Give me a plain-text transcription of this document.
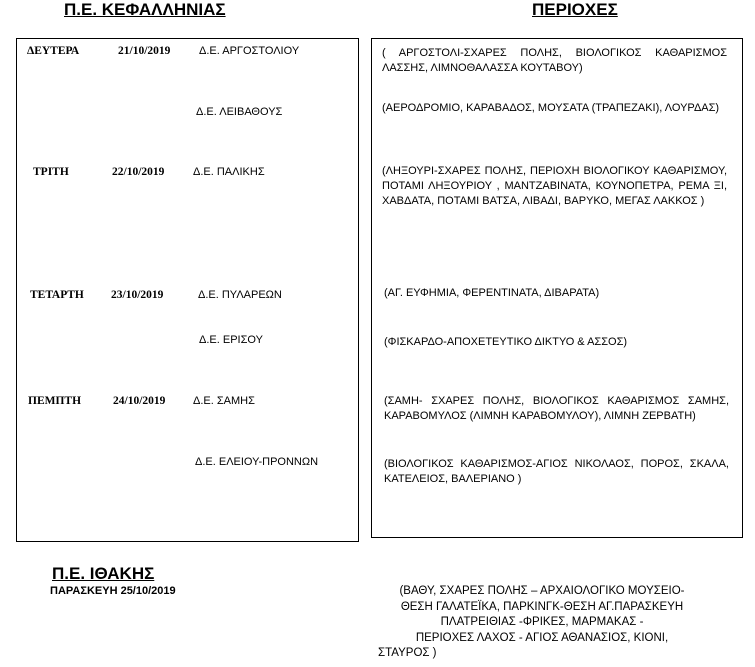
Π.Ε. ΚΕΦΑΛΛΗΝΙΑΣ	ΠΕΡΙΟΧΕΣ
ΔΕΥΤΕΡΑ	21/10/2019	Δ.Ε. ΑΡΓΟΣΤΟΛΙΟΥ	( ΑΡΓΟΣΤΟΛΙ-ΣΧΑΡΕΣ ΠΟΛΗΣ, ΒΙΟΛΟΓΙΚΟΣ ΚΑΘΑΡΙΣΜΟΣ ΛΑΣΣΗΣ, ΛΙΜΝΟΘΑΛΑΣΣΑ ΚΟΥΤΑΒΟΥ)
Δ.Ε. ΛΕΙΒΑΘΟΥΣ	(ΑΕΡΟΔΡΟΜΙΟ, ΚΑΡΑΒΑΔΟΣ, ΜΟΥΣΑΤΑ (ΤΡΑΠΕΖΑΚΙ), ΛΟΥΡΔΑΣ)
ΤΡΙΤΗ	22/10/2019	Δ.Ε. ΠΑΛΙΚΗΣ	(ΛΗΞΟΥΡΙ-ΣΧΑΡΕΣ ΠΟΛΗΣ, ΠΕΡΙΟΧΗ ΒΙΟΛΟΓΙΚΟΥ ΚΑΘΑΡΙΣΜΟΥ, ΠΟΤΑΜΙ ΛΗΞΟΥΡΙΟΥ , ΜΑΝΤΖΑΒΙΝΑΤΑ, ΚΟΥΝΟΠΕΤΡΑ, ΡΕΜΑ ΞΙ, ΧΑΒΔΑΤΑ, ΠΟΤΑΜΙ ΒΑΤΣΑ, ΛΙΒΑΔΙ, ΒΑΡΥΚΟ, ΜΕΓΑΣ ΛΑΚΚΟΣ )
ΤΕΤΑΡΤΗ 23/10/2019	Δ.Ε. ΠΥΛΑΡΕΩΝ	(ΑΓ. ΕΥΦΗΜΙΑ, ΦΕΡΕΝΤΙΝΑΤΑ, ΔΙΒΑΡΑΤΑ)
Δ.Ε. ΕΡΙΣΟΥ	(ΦΙΣΚΑΡΔΟ-ΑΠΟΧΕΤΕΥΤΙΚΟ ΔΙΚΤΥΟ & ΑΣΣΟΣ)
ΠΕΜΠΤΗ	24/10/2019	Δ.Ε. ΣΑΜΗΣ	(ΣΑΜΗ- ΣΧΑΡΕΣ ΠΟΛΗΣ, ΒΙΟΛΟΓΙΚΟΣ ΚΑΘΑΡΙΣΜΟΣ ΣΑΜΗΣ, ΚΑΡΑΒΟΜΥΛΟΣ (ΛΙΜΝΗ ΚΑΡΑΒΟΜΥΛΟΥ), ΛΙΜΝΗ ΖΕΡΒΑΤΗ)
Δ.Ε. ΕΛΕΙΟΥ-ΠΡΟΝΝΩΝ	(ΒΙΟΛΟΓΙΚΟΣ ΚΑΘΑΡΙΣΜΟΣ-ΑΓΙΟΣ ΝΙΚΟΛΑΟΣ, ΠΟΡΟΣ, ΣΚΑΛΑ, ΚΑΤΕΛΕΙΟΣ, ΒΑΛΕΡΙΑΝΟ )
Π.Ε. ΙΘΑΚΗΣ
ΠΑΡΑΣΚΕΥΗ 25/10/2019	(ΒΑΘΥ, ΣΧΑΡΕΣ ΠΟΛΗΣ – ΑΡΧΑΙΟΛΟΓΙΚΟ ΜΟΥΣΕΙΟ-
ΘΕΣΗ ΓΑΛΑΤΕΪΚΑ, ΠΑΡΚΙΝΓΚ-ΘΕΣΗ ΑΓ.ΠΑΡΑΣΚΕΥΗ
ΠΛΑΤΡΕΙΘΙΑΣ -ΦΡΙΚΕΣ, ΜΑΡΜΑΚΑΣ -
ΠΕΡΙΟΧΕΣ ΛΑΧΟΣ - ΑΓΙΟΣ ΑΘΑΝΑΣΙΟΣ, ΚΙΟΝΙ,
ΣΤΑΥΡΟΣ )
